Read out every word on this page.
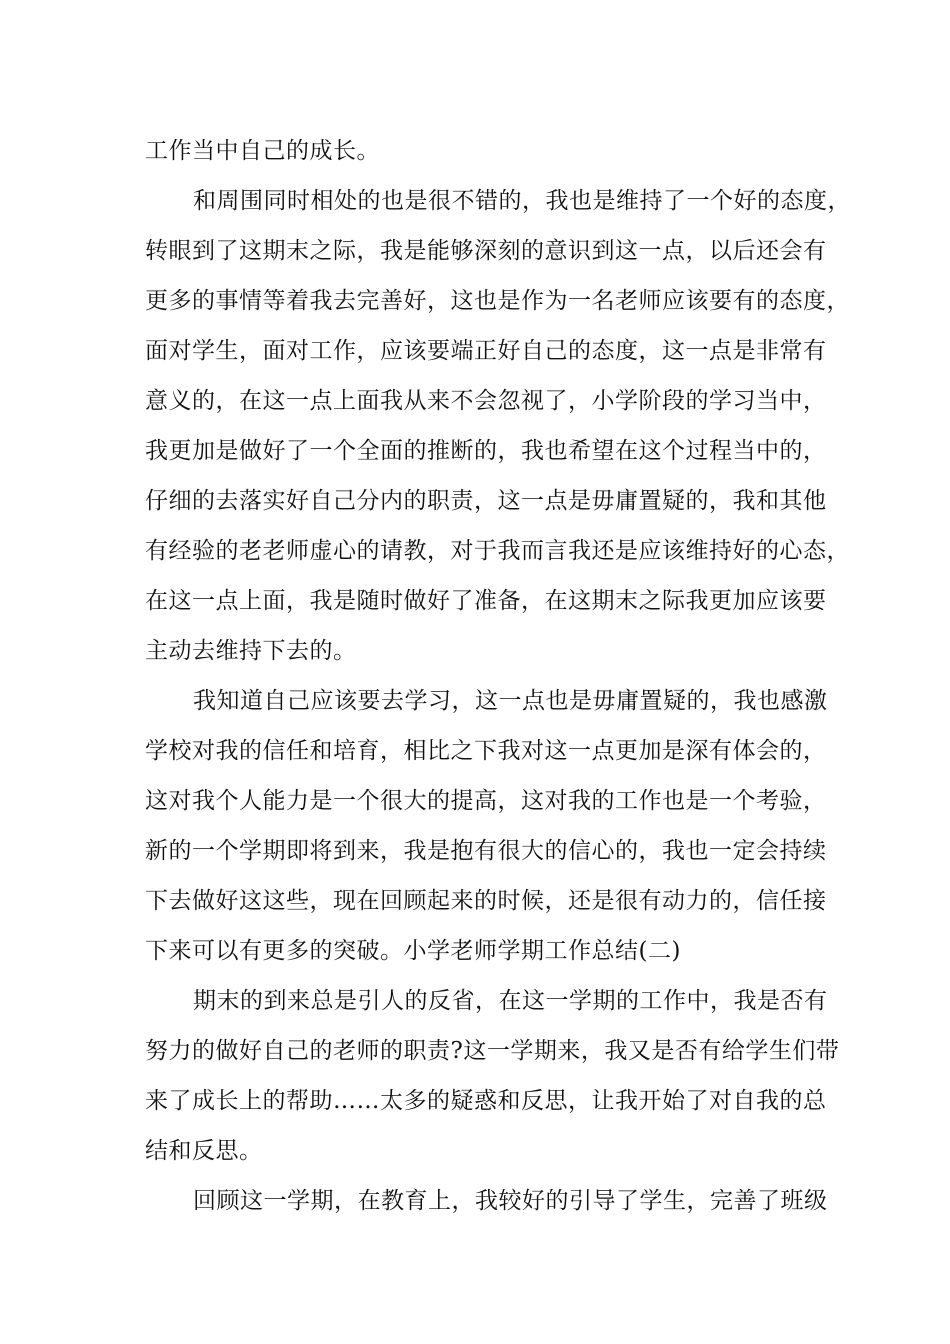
工作当中自己的成长。
和周围同时相处的也是很不错的，我也是维持了一个好的态度，
转眼到了这期末之际，我是能够深刻的意识到这一点，以后还会有
更多的事情等着我去完善好，这也是作为一名老师应该要有的态度，
面对学生，面对工作，应该要端正好自己的态度，这一点是非常有
意义的，在这一点上面我从来不会忽视了，小学阶段的学习当中，
我更加是做好了一个全面的推断的，我也希望在这个过程当中的，
仔细的去落实好自己分内的职责，这一点是毋庸置疑的，我和其他
有经验的老老师虚心的请教，对于我而言我还是应该维持好的心态，
在这一点上面，我是随时做好了准备，在这期末之际我更加应该要
主动去维持下去的。
我知道自己应该要去学习，这一点也是毋庸置疑的，我也感激
学校对我的信任和培育，相比之下我对这一点更加是深有体会的，
这对我个人能力是一个很大的提高，这对我的工作也是一个考验，
新的一个学期即将到来，我是抱有很大的信心的，我也一定会持续
下去做好这这些，现在回顾起来的时候，还是很有动力的，信任接
下来可以有更多的突破。小学老师学期工作总结(二)
期末的到来总是引人的反省，在这一学期的工作中，我是否有
努力的做好自己的老师的职责?这一学期来，我又是否有给学生们带
来了成长上的帮助……太多的疑惑和反思，让我开始了对自我的总
结和反思。
回顾这一学期，在教育上，我较好的引导了学生，完善了班级
